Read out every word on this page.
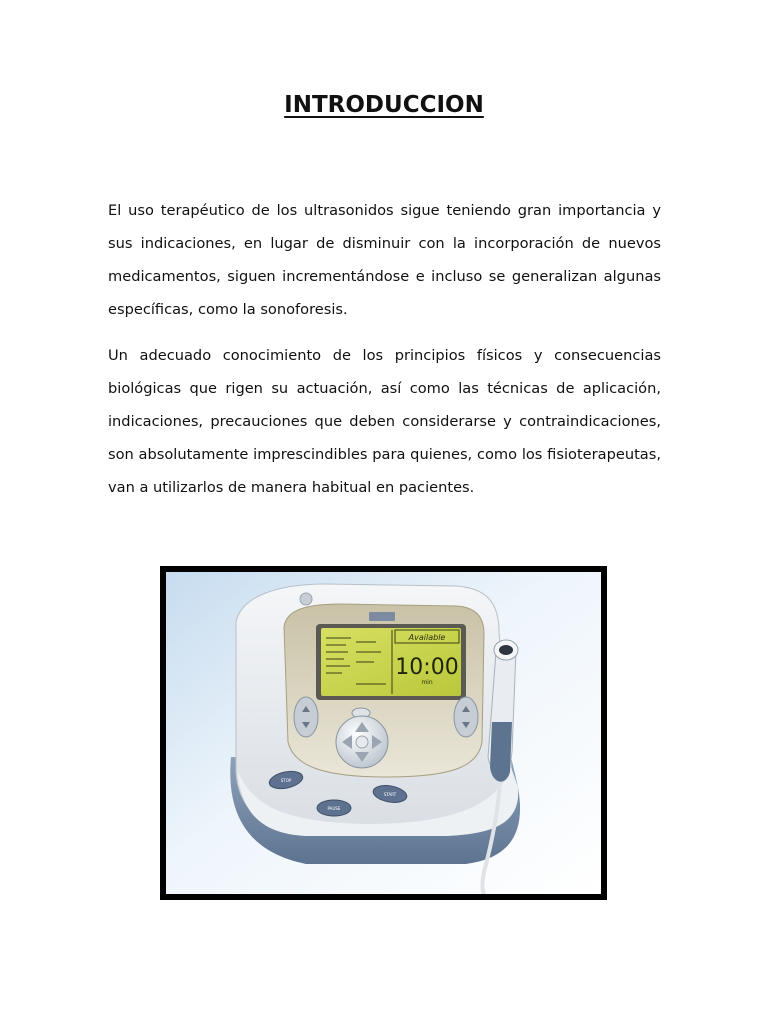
INTRODUCCION

El uso terapéutico de los ultrasonidos sigue teniendo gran importancia y sus indicaciones, en lugar de disminuir con la incorporación de nuevos medicamentos, siguen incrementándose e incluso se generalizan algunas específicas, como la sonoforesis.

Un adecuado conocimiento de los principios físicos y consecuencias biológicas que rigen su actuación, así como las técnicas de aplicación, indicaciones, precauciones que deben considerarse y contraindicaciones, son absolutamente imprescindibles para quienes, como los fisioterapeutas, van a utilizarlos de manera habitual en pacientes.

Available
10:00
min
STOP
PAUSE
START
